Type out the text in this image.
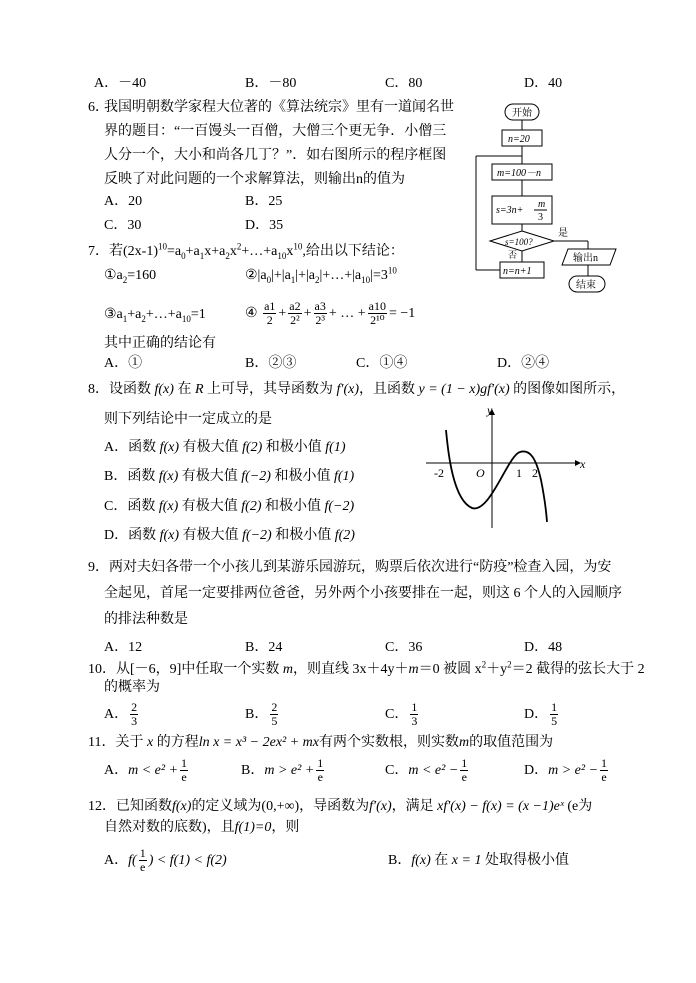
A．－40	B．－80	C．80	D．40
6．
我国明朝数学家程大位著的《算法统宗》里有一道闻名世
界的题目：“一百馒头一百僧，大僧三个更无争．小僧三
人分一个，大小和尚各几丁？”．如右图所示的程序框图
反映了对此问题的一个求解算法，则输出n的值为
A．20	B．25
C．30	D．35
开始
n=20
m=100－n
s=3n+
m
3
s=100?
是
否
n=n+1
输出n
结束
7．若$(2x-1)^{10}=a_0+a_1x+a_2x^2+\dots+a_{10}x^{10}$,给出以下结论：
$①a_2=160$	$②|a_0|+|a_1|+|a_2|+\dots+|a_{10}|=3^{10}$
$③a_1+a_2+\dots+a_{10}=1$	④ $\frac{a1}{2} + \frac{a2}{\text{2²}} + \frac{a3}{\text{2³}}$ + … + $\frac{a10}{\text{2¹⁰}} = -1$
其中正确的结论有
A．①	B．②③	C．①④	D．②④
8．设函数 f(x) 在 R 上可导，其导函数为 f′(x)，且函数 y = (1 − x)gf′(x) 的图像如图所示，
则下列结论中一定成立的是
A．函数 f(x) 有极大值 f(2) 和极小值 f(1)
B．函数 f(x) 有极大值 f(−2) 和极小值 f(1)
C．函数 f(x) 有极大值 f(2) 和极小值 f(−2)
D．函数 f(x) 有极大值 f(−2) 和极小值 f(2)
x
y
O
-2	1 2
9．两对夫妇各带一个小孩儿到某游乐园游玩，购票后依次进行“防疫”检查入园，为安
全起见，首尾一定要排两位爸爸，另外两个小孩要排在一起，则这 6 个人的入园顺序
的排法种数是
A．12	B．24	C．36	D．48
10．从[－6，9]中任取一个实数 m，则直线 3x＋4y＋m＝0 被圆 $x^2+y^2=2$ 截得的弦长大于 2
的概率为
A． $\frac{2}{3}$	B． $\frac{2}{5}$	C． $\frac{1}{3}$	D． $\frac{1}{5}$
11．关于 x 的方程ln x = x³ − 2ex² + mx有两个实数根，则实数m的取值范围为
A．$m < e^2 + \frac{1}{e}$	B．$m > e^2 + \frac{1}{e}$	C．$m < e^2 - \frac{1}{e}$	D．$m > e^2 - \frac{1}{e}$
12．已知函数f(x)的定义域为(0,+∞)，导函数为f′(x)，满足 xf′(x) − f(x) = (x −1)eˣ (e为
自然对数的底数)，且f(1)=0，则
A．$f( \frac{1}{e}$ ) < f(1) < f(2)	B．f(x) 在 x = 1 处取得极小值
